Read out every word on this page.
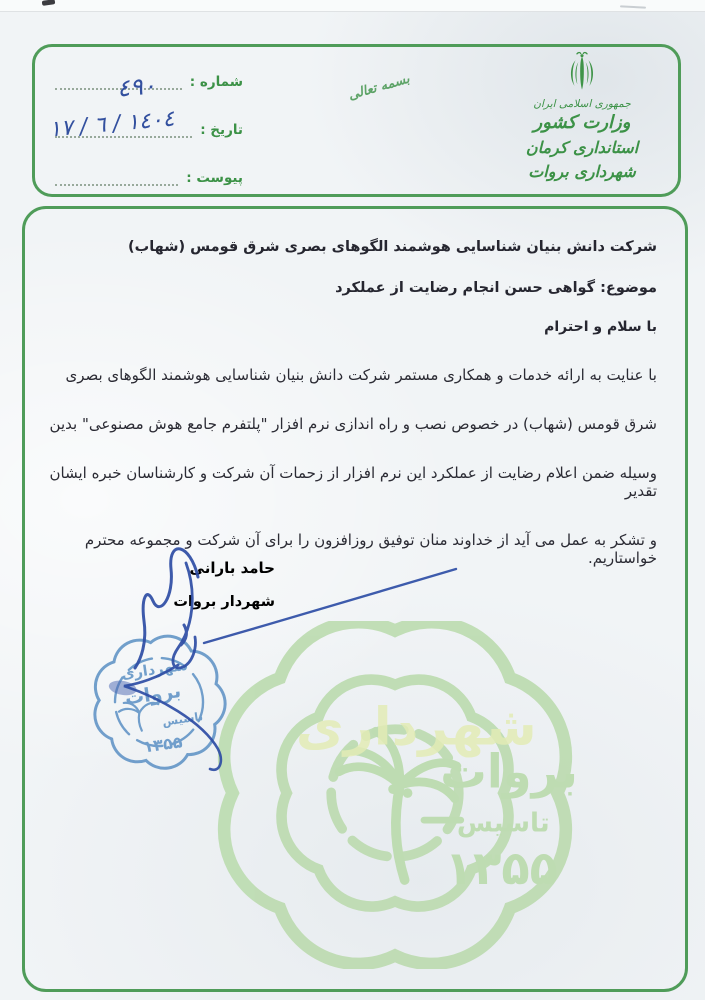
جمهوری اسلامی ایران
وزارت کشور
استانداری کرمان
شهرداری بروات
شماره :
تاریخ :
پیوست :
٤٩٠
١٤٠٤ / ٦ / ١٧
بسمه تعالی
شهرداری
بروات
تاسیس
۱۳۵۵
شرکت دانش بنیان شناسایی هوشمند الگوهای بصری شرق قومس (شهاب)
موضوع: گواهی حسن انجام رضایت از عملکرد
با سلام و احترام
با عنایت به ارائه خدمات و همکاری مستمر شرکت دانش بنیان شناسایی هوشمند الگوهای بصری
شرق قومس (شهاب) در خصوص نصب و راه اندازی نرم افزار "پلتفرم جامع هوش مصنوعی" بدین
وسیله ضمن اعلام رضایت از عملکرد این نرم افزار از زحمات آن شرکت و کارشناسان خبره ایشان تقدیر
و تشکر به عمل می آید از خداوند منان توفیق روزافزون را برای آن شرکت و مجموعه محترم خواستاریم.
حامد بارانی
شهردار بروات
شهرداری
بروات
تاسیس
۱۳۵۵
